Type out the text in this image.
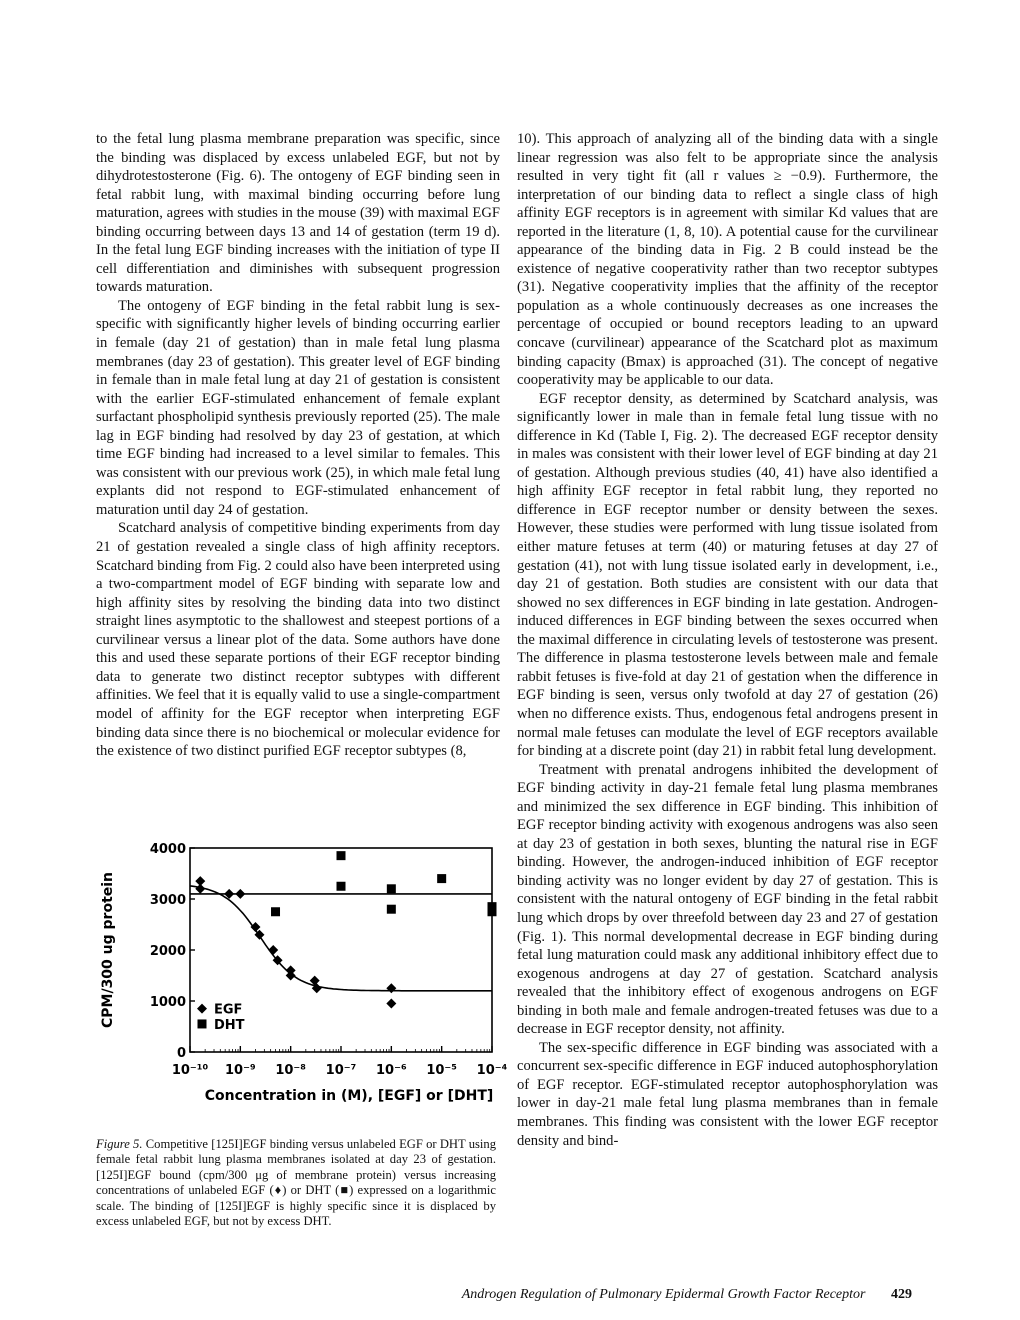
to the fetal lung plasma membrane preparation was specific, since the binding was displaced by excess unlabeled EGF, but not by dihydrotestosterone (Fig. 6). The ontogeny of EGF binding seen in fetal rabbit lung, with maximal binding occurring before lung maturation, agrees with studies in the mouse (39) with maximal EGF binding occurring between days 13 and 14 of gestation (term 19 d). In the fetal lung EGF binding increases with the initiation of type II cell differentiation and diminishes with subsequent progression towards maturation.

The ontogeny of EGF binding in the fetal rabbit lung is sex-specific with significantly higher levels of binding occurring earlier in female (day 21 of gestation) than in male fetal lung plasma membranes (day 23 of gestation). This greater level of EGF binding in female than in male fetal lung at day 21 of gestation is consistent with the earlier EGF-stimulated enhancement of female explant surfactant phospholipid synthesis previously reported (25). The male lag in EGF binding had resolved by day 23 of gestation, at which time EGF binding had increased to a level similar to females. This was consistent with our previous work (25), in which male fetal lung explants did not respond to EGF-stimulated enhancement of maturation until day 24 of gestation.

Scatchard analysis of competitive binding experiments from day 21 of gestation revealed a single class of high affinity receptors. Scatchard binding from Fig. 2 could also have been interpreted using a two-compartment model of EGF binding with separate low and high affinity sites by resolving the binding data into two distinct straight lines asymptotic to the shallowest and steepest portions of a curvilinear versus a linear plot of the data. Some authors have done this and used these separate portions of their EGF receptor binding data to generate two distinct receptor subtypes with different affinities. We feel that it is equally valid to use a single-compartment model of affinity for the EGF receptor when interpreting EGF binding data since there is no biochemical or molecular evidence for the existence of two distinct purified EGF receptor subtypes (8,

10). This approach of analyzing all of the binding data with a single linear regression was also felt to be appropriate since the analysis resulted in very tight fit (all r values ≥ −0.9). Furthermore, the interpretation of our binding data to reflect a single class of high affinity EGF receptors is in agreement with similar Kd values that are reported in the literature (1, 8, 10). A potential cause for the curvilinear appearance of the binding data in Fig. 2 B could instead be the existence of negative cooperativity rather than two receptor subtypes (31). Negative cooperativity implies that the affinity of the receptor population as a whole continuously decreases as one increases the percentage of occupied or bound receptors leading to an upward concave (curvilinear) appearance of the Scatchard plot as maximum binding capacity (Bmax) is approached (31). The concept of negative cooperativity may be applicable to our data.

EGF receptor density, as determined by Scatchard analysis, was significantly lower in male than in female fetal lung tissue with no difference in Kd (Table I, Fig. 2). The decreased EGF receptor density in males was consistent with their lower level of EGF binding at day 21 of gestation. Although previous studies (40, 41) have also identified a high affinity EGF receptor in fetal rabbit lung, they reported no difference in EGF receptor number or density between the sexes. However, these studies were performed with lung tissue isolated from either mature fetuses at term (40) or maturing fetuses at day 27 of gestation (41), not with lung tissue isolated early in development, i.e., day 21 of gestation. Both studies are consistent with our data that showed no sex differences in EGF binding in late gestation. Androgen-induced differences in EGF binding between the sexes occurred when the maximal difference in circulating levels of testosterone was present. The difference in plasma testosterone levels between male and female rabbit fetuses is five-fold at day 21 of gestation when the difference in EGF binding is seen, versus only twofold at day 27 of gestation (26) when no difference exists. Thus, endogenous fetal androgens present in normal male fetuses can modulate the level of EGF receptors available for binding at a discrete point (day 21) in rabbit fetal lung development.

Treatment with prenatal androgens inhibited the development of EGF binding activity in day-21 female fetal lung plasma membranes and minimized the sex difference in EGF binding. This inhibition of EGF receptor binding activity with exogenous androgens was also seen at day 23 of gestation in both sexes, blunting the natural rise in EGF binding. However, the androgen-induced inhibition of EGF receptor binding activity was no longer evident by day 27 of gestation. This is consistent with the natural ontogeny of EGF binding in the fetal rabbit lung which drops by over threefold between day 23 and 27 of gestation (Fig. 1). This normal developmental decrease in EGF binding during fetal lung maturation could mask any additional inhibitory effect due to exogenous androgens at day 27 of gestation. Scatchard analysis revealed that the inhibitory effect of exogenous androgens on EGF binding in both male and female androgen-treated fetuses was due to a decrease in EGF receptor density, not affinity.

The sex-specific difference in EGF binding was associated with a concurrent sex-specific difference in EGF induced autophosphorylation of EGF receptor. EGF-stimulated receptor autophosphorylation was lower in day-21 male fetal lung plasma membranes than in female membranes. This finding was consistent with the lower EGF receptor density and bind-

0
1000
2000
3000
4000
10⁻¹⁰ 10⁻⁹ 10⁻⁸ 10⁻⁷ 10⁻⁶ 10⁻⁵ 10⁻⁴
CPM/300 ug protein
Concentration in (M), [EGF] or [DHT]
EGF
DHT
Figure 5. Competitive [125I]EGF binding versus unlabeled EGF or DHT using female fetal rabbit lung plasma membranes isolated at day 23 of gestation. [125I]EGF bound (cpm/300 μg of membrane protein) versus increasing concentrations of unlabeled EGF (♦) or DHT (■) expressed on a logarithmic scale. The binding of [125I]EGF is highly specific since it is displaced by excess unlabeled EGF, but not by excess DHT.
Androgen Regulation of Pulmonary Epidermal Growth Factor Receptor 429
